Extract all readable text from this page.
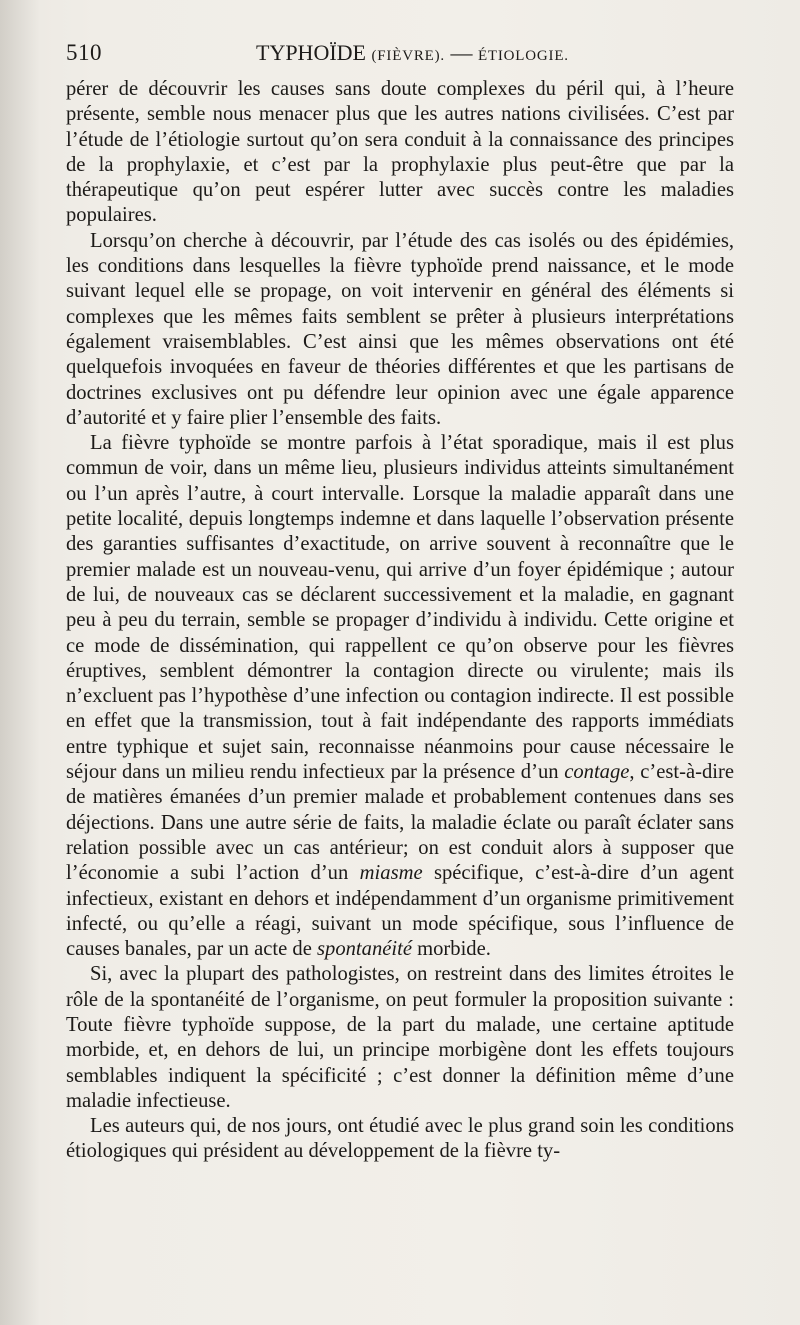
510	TYPHOÏDE (FIÈVRE). — ÉTIOLOGIE.

pérer de découvrir les causes sans doute complexes du péril qui, à l’heure présente, semble nous menacer plus que les autres nations civilisées. C’est par l’étude de l’étiologie surtout qu’on sera conduit à la connaissance des principes de la prophylaxie, et c’est par la prophylaxie plus peut-être que par la thérapeutique qu’on peut espérer lutter avec succès contre les maladies populaires.

Lorsqu’on cherche à découvrir, par l’étude des cas isolés ou des épidémies, les conditions dans lesquelles la fièvre typhoïde prend naissance, et le mode suivant lequel elle se propage, on voit intervenir en général des éléments si complexes que les mêmes faits semblent se prêter à plusieurs interprétations également vraisemblables. C’est ainsi que les mêmes observations ont été quelquefois invoquées en faveur de théories différentes et que les partisans de doctrines exclusives ont pu défendre leur opinion avec une égale apparence d’autorité et y faire plier l’ensemble des faits.

La fièvre typhoïde se montre parfois à l’état sporadique, mais il est plus commun de voir, dans un même lieu, plusieurs individus atteints simultanément ou l’un après l’autre, à court intervalle. Lorsque la maladie apparaît dans une petite localité, depuis longtemps indemne et dans laquelle l’observation présente des garanties suffisantes d’exactitude, on arrive souvent à reconnaître que le premier malade est un nouveau-venu, qui arrive d’un foyer épidémique ; autour de lui, de nouveaux cas se déclarent successivement et la maladie, en gagnant peu à peu du terrain, semble se propager d’individu à individu. Cette origine et ce mode de dissémination, qui rappellent ce qu’on observe pour les fièvres éruptives, semblent démontrer la contagion directe ou virulente; mais ils n’excluent pas l’hypothèse d’une infection ou contagion indirecte. Il est possible en effet que la transmission, tout à fait indépendante des rapports immédiats entre typhique et sujet sain, reconnaisse néanmoins pour cause nécessaire le séjour dans un milieu rendu infectieux par la présence d’un contage, c’est-à-dire de matières émanées d’un premier malade et probablement contenues dans ses déjections. Dans une autre série de faits, la maladie éclate ou paraît éclater sans relation possible avec un cas antérieur; on est conduit alors à supposer que l’économie a subi l’action d’un miasme spécifique, c’est-à-dire d’un agent infectieux, existant en dehors et indépendamment d’un organisme primitivement infecté, ou qu’elle a réagi, suivant un mode spécifique, sous l’influence de causes banales, par un acte de spontanéité morbide.

Si, avec la plupart des pathologistes, on restreint dans des limites étroites le rôle de la spontanéité de l’organisme, on peut formuler la proposition suivante : Toute fièvre typhoïde suppose, de la part du malade, une certaine aptitude morbide, et, en dehors de lui, un principe morbigène dont les effets toujours semblables indiquent la spécificité ; c’est donner la définition même d’une maladie infectieuse.

Les auteurs qui, de nos jours, ont étudié avec le plus grand soin les conditions étiologiques qui président au développement de la fièvre ty-
